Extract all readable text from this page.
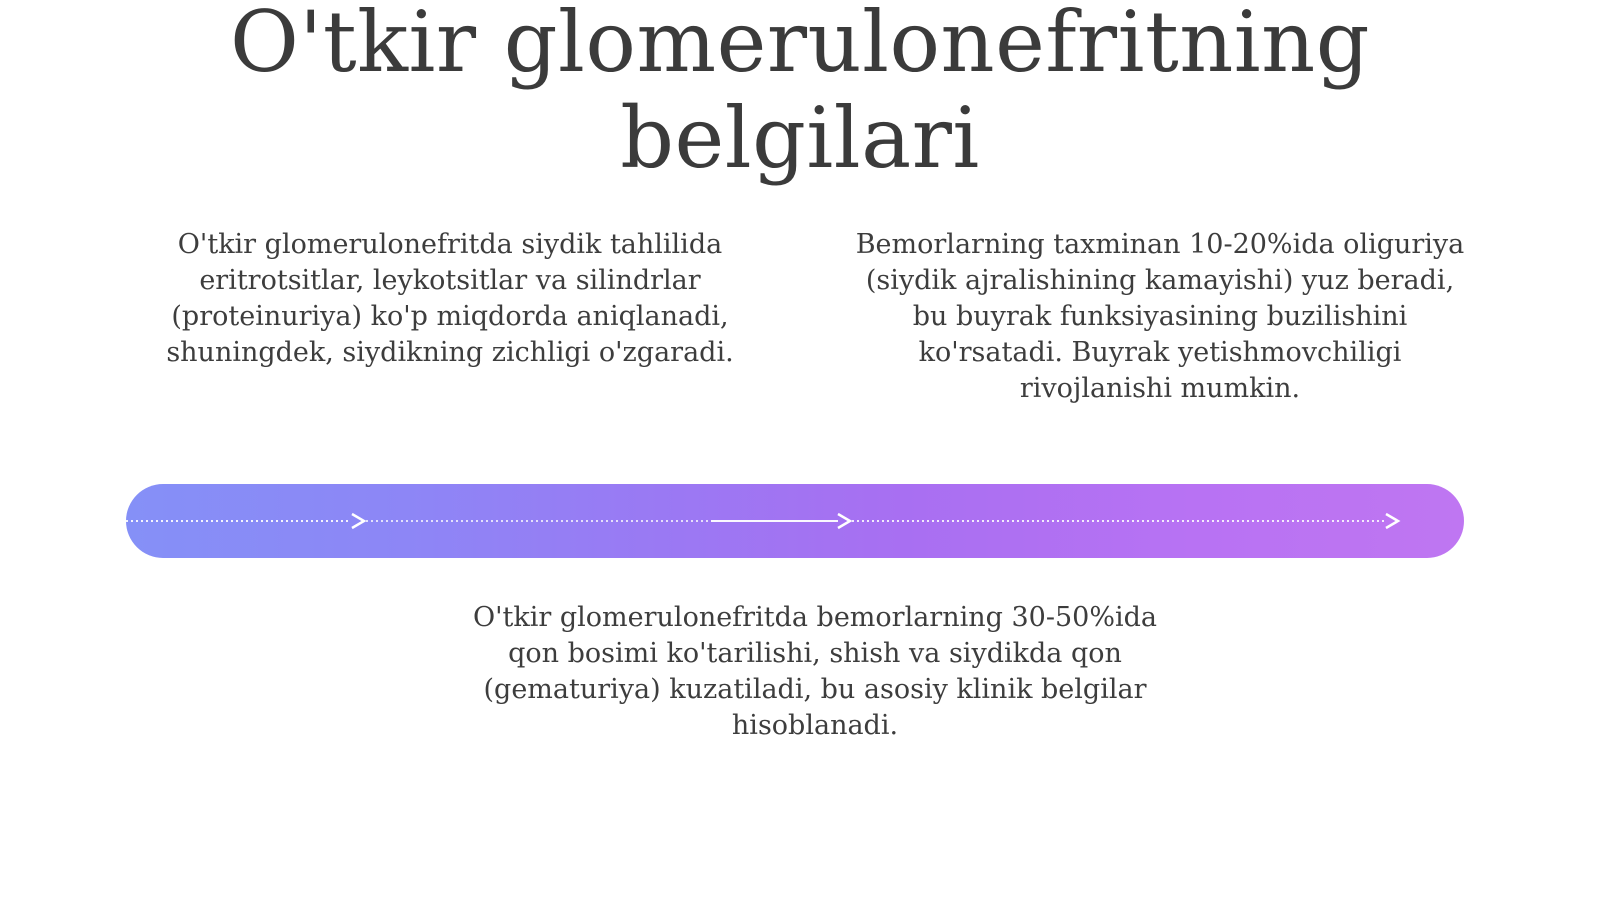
O'tkir glomerulonefritning
belgilari

O'tkir glomerulonefritda siydik tahlilida eritrotsitlar, leykotsitlar va silindrlar (proteinuriya) ko'p miqdorda aniqlanadi, shuningdek, siydikning zichligi o'zgaradi.

Bemorlarning taxminan 10-20%ida oliguriya (siydik ajralishining kamayishi) yuz beradi, bu buyrak funksiyasining buzilishini ko'rsatadi. Buyrak yetishmovchiligi rivojlanishi mumkin.

O'tkir glomerulonefritda bemorlarning 30-50%ida qon bosimi ko'tarilishi, shish va siydikda qon (gematuriya) kuzatiladi, bu asosiy klinik belgilar hisoblanadi.
